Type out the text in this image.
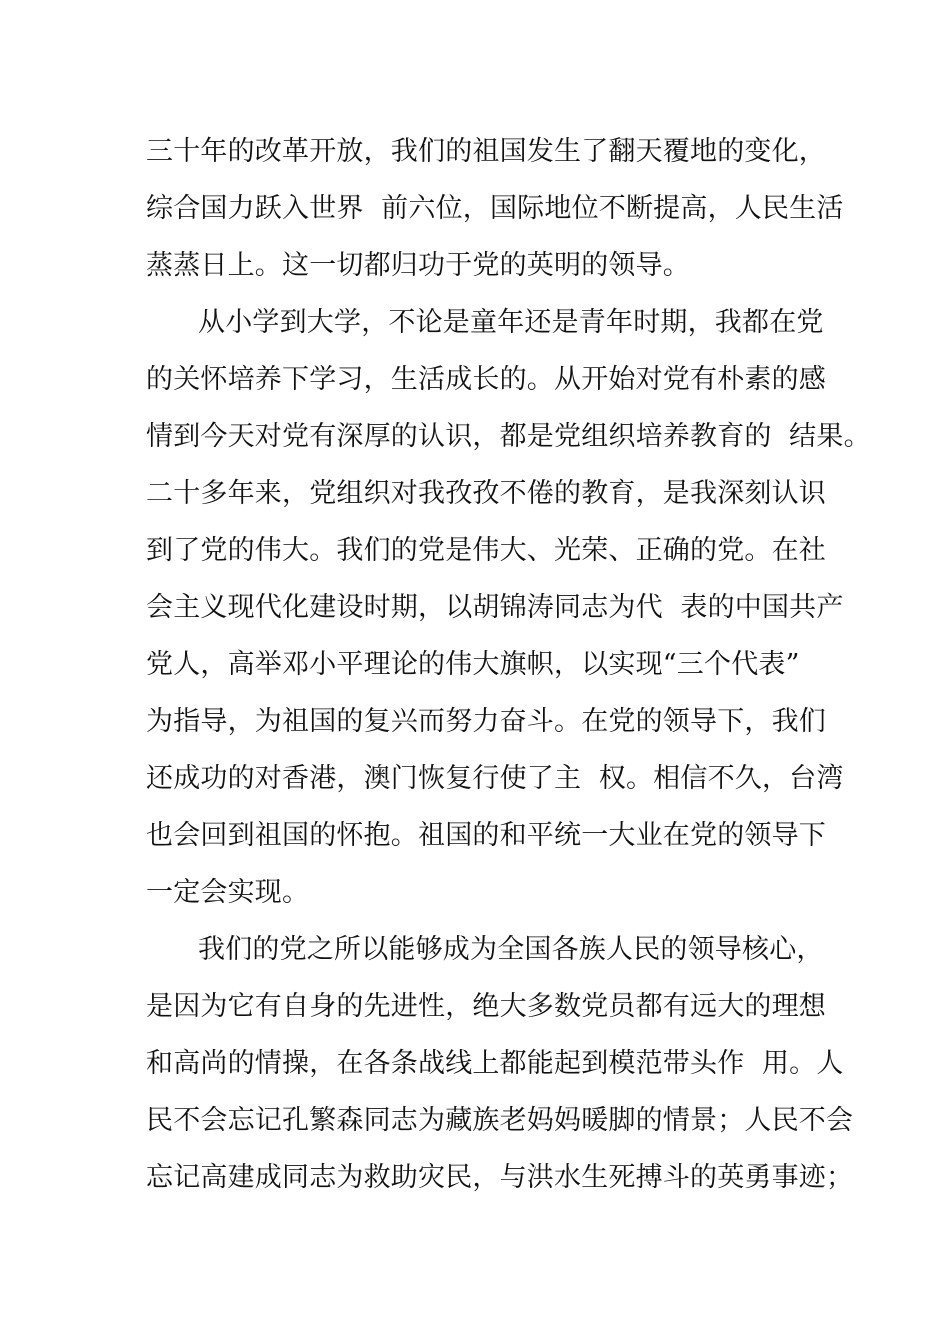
三十年的改革开放，我们的祖国发生了翻天覆地的变化，
综合国力跃入世界  前六位，国际地位不断提高，人民生活
蒸蒸日上。这一切都归功于党的英明的领导。
从小学到大学，不论是童年还是青年时期，我都在党
的关怀培养下学习，生活成长的。从开始对党有朴素的感
情到今天对党有深厚的认识，都是党组织培养教育的  结果。
二十多年来，党组织对我孜孜不倦的教育，是我深刻认识
到了党的伟大。我们的党是伟大、光荣、正确的党。在社
会主义现代化建设时期，以胡锦涛同志为代  表的中国共产
党人，高举邓小平理论的伟大旗帜，以实现“三个代表”
为指导，为祖国的复兴而努力奋斗。在党的领导下，我们
还成功的对香港，澳门恢复行使了主  权。相信不久，台湾
也会回到祖国的怀抱。祖国的和平统一大业在党的领导下
一定会实现。
我们的党之所以能够成为全国各族人民的领导核心，
是因为它有自身的先进性，绝大多数党员都有远大的理想
和高尚的情操，在各条战线上都能起到模范带头作  用。人
民不会忘记孔繁森同志为藏族老妈妈暖脚的情景；人民不会
忘记高建成同志为救助灾民，与洪水生死搏斗的英勇事迹；
